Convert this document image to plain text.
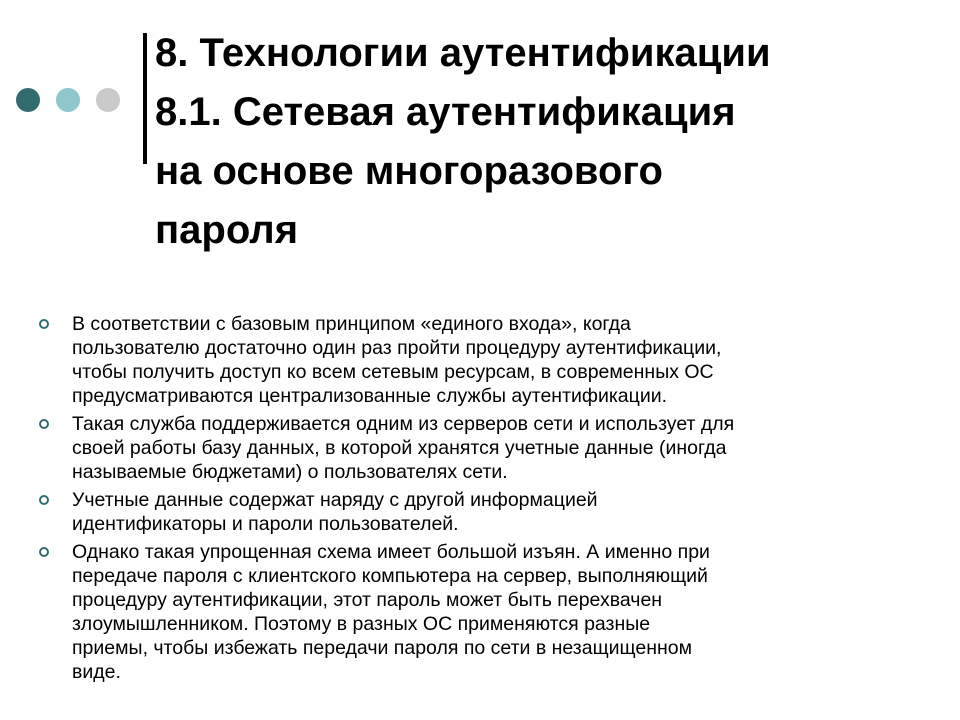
8. Технологии аутентификации
8.1. Сетевая аутентификация
на основе многоразового
пароля
В соответствии с базовым принципом «единого входа», когда
пользователю достаточно один раз пройти процедуру аутентификации,
чтобы получить доступ ко всем сетевым ресурсам, в современных ОС
предусматриваются централизованные службы аутентификации.
Такая служба поддерживается одним из серверов сети и использует для
своей работы базу данных, в которой хранятся учетные данные (иногда
называемые бюджетами) о пользователях сети.
Учетные данные содержат наряду с другой информацией
идентификаторы и пароли пользователей.
Однако такая упрощенная схема имеет большой изъян. А именно при
передаче пароля с клиентского компьютера на сервер, выполняющий
процедуру аутентификации, этот пароль может быть перехвачен
злоумышленником. Поэтому в разных ОС применяются разные
приемы, чтобы избежать передачи пароля по сети в незащищенном
виде.
